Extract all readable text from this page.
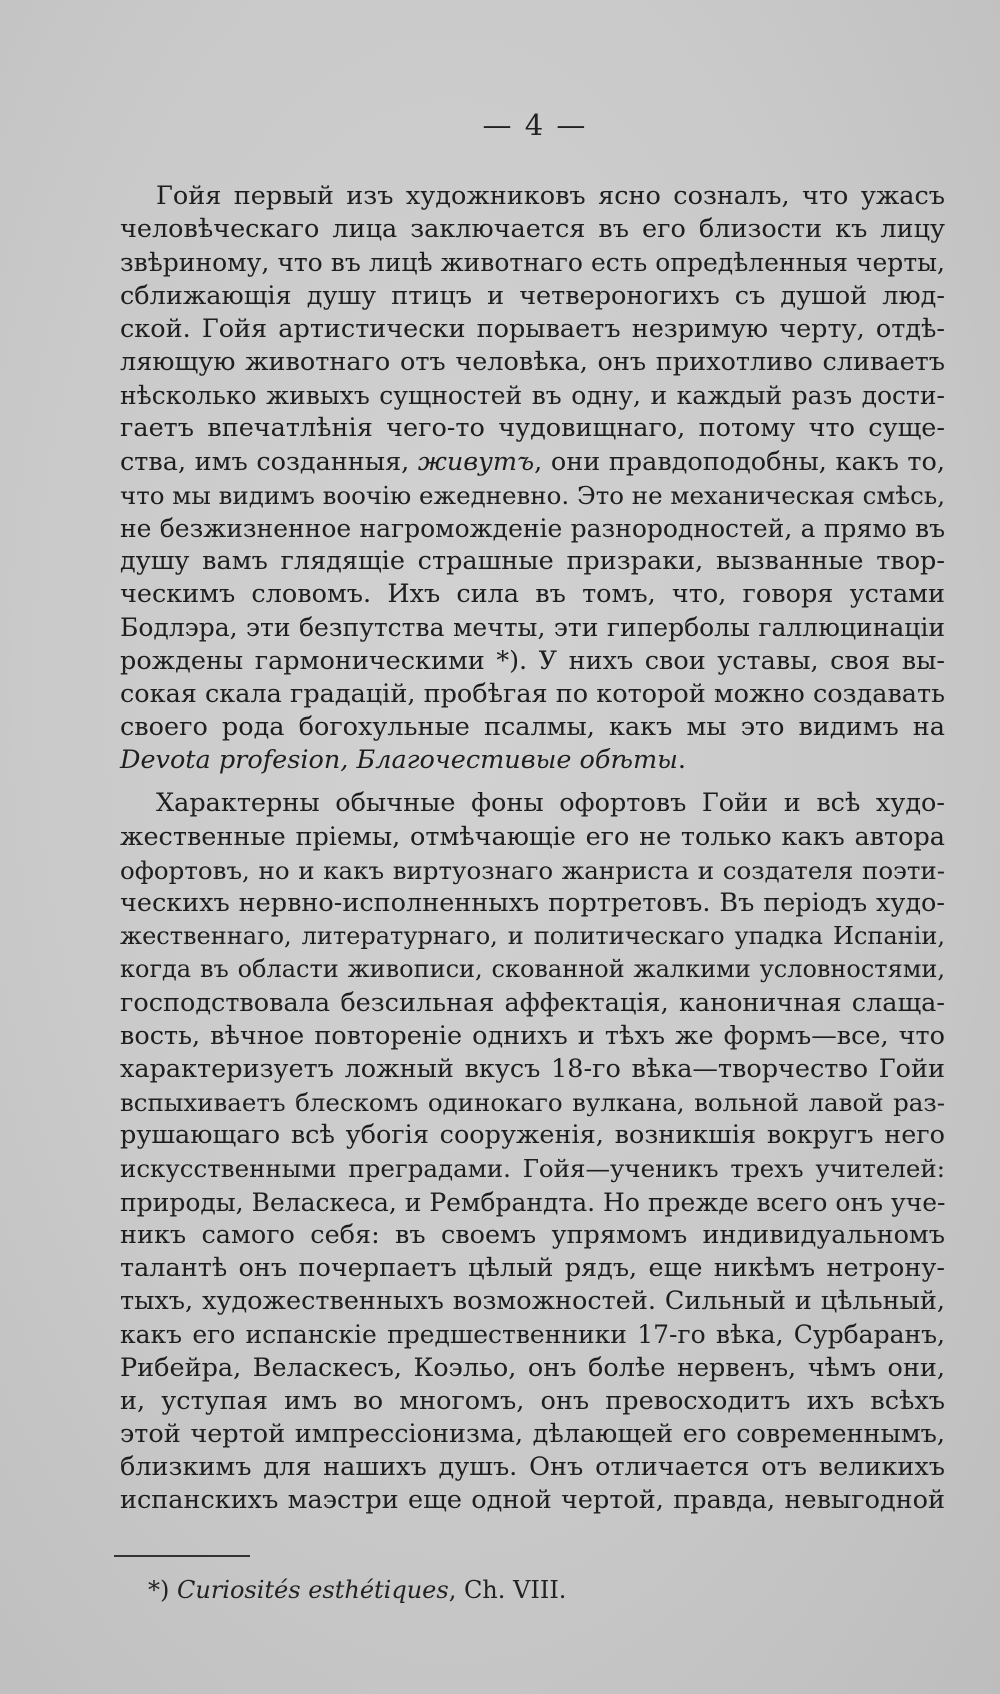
— 4 —
Гойя первый изъ художниковъ ясно созналъ, что ужасъ
человѣческаго лица заключается въ его близости къ лицу
звѣриному, что въ лицѣ животнаго есть опредѣленныя черты,
сближающія душу птицъ и четвероногихъ съ душой люд-
ской. Гойя артистически порываетъ незримую черту, отдѣ-
ляющую животнаго отъ человѣка, онъ прихотливо сливаетъ
нѣсколько живыхъ сущностей въ одну, и каждый разъ дости-
гаетъ впечатлѣнія чего-то чудовищнаго, потому что суще-
ства, имъ созданныя, живутъ, они правдоподобны, какъ то,
что мы видимъ воочію ежедневно. Это не механическая смѣсь,
не безжизненное нагроможденіе разнородностей, а прямо въ
душу вамъ глядящіе страшные призраки, вызванные твор-
ческимъ словомъ. Ихъ сила въ томъ, что, говоря устами
Бодлэра, эти безпутства мечты, эти гиперболы галлюцинаціи
рождены гармоническими *). У нихъ свои уставы, своя вы-
сокая скала градацій, пробѣгая по которой можно создавать
своего рода богохульные псалмы, какъ мы это видимъ на
Devota profesion, Благочестивые обѣты.
Характерны обычные фоны офортовъ Гойи и всѣ худо-
жественные пріемы, отмѣчающіе его не только какъ автора
офортовъ, но и какъ виртуознаго жанриста и создателя поэти-
ческихъ нервно-исполненныхъ портретовъ. Въ періодъ худо-
жественнаго, литературнаго, и политическаго упадка Испаніи,
когда въ области живописи, скованной жалкими условностями,
господствовала безсильная аффектація, каноничная слаща-
вость, вѣчное повтореніе однихъ и тѣхъ же формъ—все, что
характеризуетъ ложный вкусъ 18-го вѣка—творчество Гойи
вспыхиваетъ блескомъ одинокаго вулкана, вольной лавой раз-
рушающаго всѣ убогія сооруженія, возникшія вокругъ него
искусственными преградами. Гойя—ученикъ трехъ учителей:
природы, Веласкеса, и Рембрандта. Но прежде всего онъ уче-
никъ самого себя: въ своемъ упрямомъ индивидуальномъ
талантѣ онъ почерпаетъ цѣлый рядъ, еще никѣмъ нетрону-
тыхъ, художественныхъ возможностей. Сильный и цѣльный,
какъ его испанскіе предшественники 17-го вѣка, Сурбаранъ,
Рибейра, Веласкесъ, Коэльо, онъ болѣе нервенъ, чѣмъ они,
и, уступая имъ во многомъ, онъ превосходитъ ихъ всѣхъ
этой чертой импрессіонизма, дѣлающей его современнымъ,
близкимъ для нашихъ душъ. Онъ отличается отъ великихъ
испанскихъ маэстри еще одной чертой, правда, невыгодной
*) Curiosités esthétiques, Ch. VIII.
